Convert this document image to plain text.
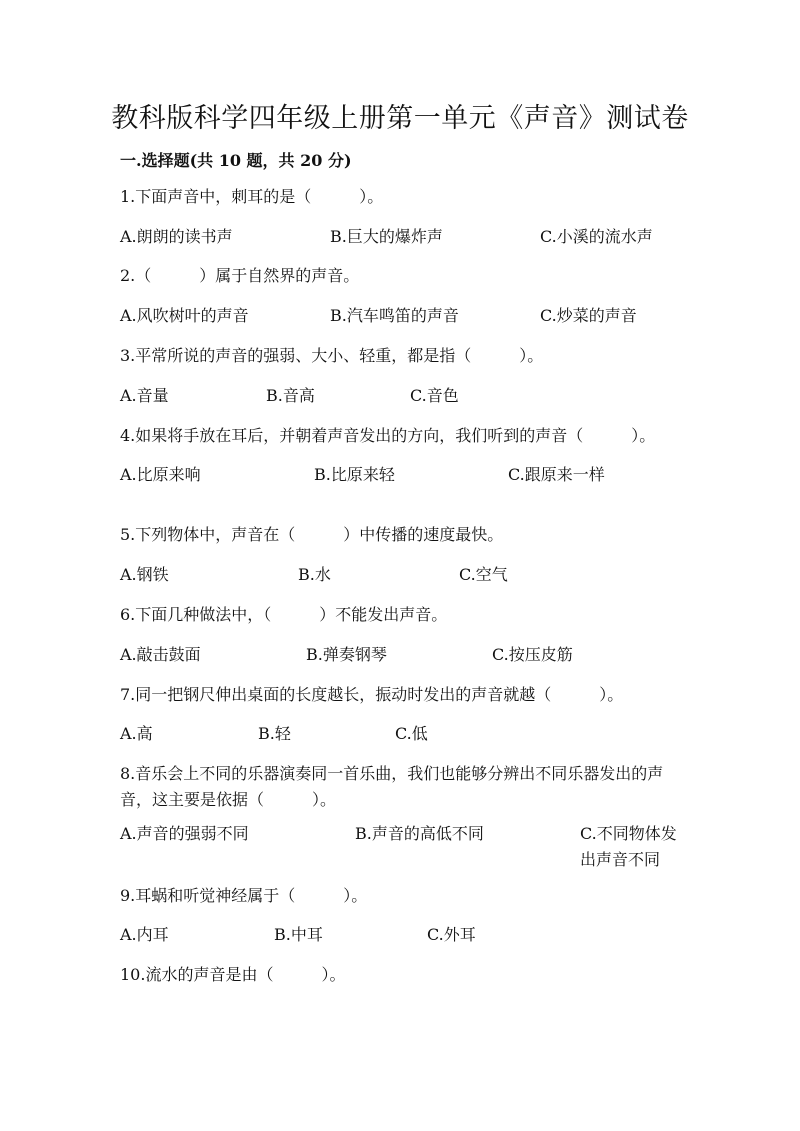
教科版科学四年级上册第一单元《声音》测试卷
一.选择题(共 10 题，共 20 分)
1.下面声音中，刺耳的是（　　　）。
A.朗朗的读书声	B.巨大的爆炸声	C.小溪的流水声
2.（　　　）属于自然界的声音。
A.风吹树叶的声音	B.汽车鸣笛的声音	C.炒菜的声音
3.平常所说的声音的强弱、大小、轻重，都是指（　　　）。
A.音量	B.音高	C.音色
4.如果将手放在耳后，并朝着声音发出的方向，我们听到的声音（　　　）。
A.比原来响	B.比原来轻	C.跟原来一样
5.下列物体中，声音在（　　　）中传播的速度最快。
A.钢铁	B.水	C.空气
6.下面几种做法中，（　　　）不能发出声音。
A.敲击鼓面	B.弹奏钢琴	C.按压皮筋
7.同一把钢尺伸出桌面的长度越长，振动时发出的声音就越（　　　）。
A.高	B.轻	C.低
8.音乐会上不同的乐器演奏同一首乐曲，我们也能够分辨出不同乐器发出的声音，这主要是依据（　　　）。
A.声音的强弱不同	B.声音的高低不同	C.不同物体发出声音不同
9.耳蜗和听觉神经属于（　　　）。
A.内耳	B.中耳	C.外耳
10.流水的声音是由（　　　）。
